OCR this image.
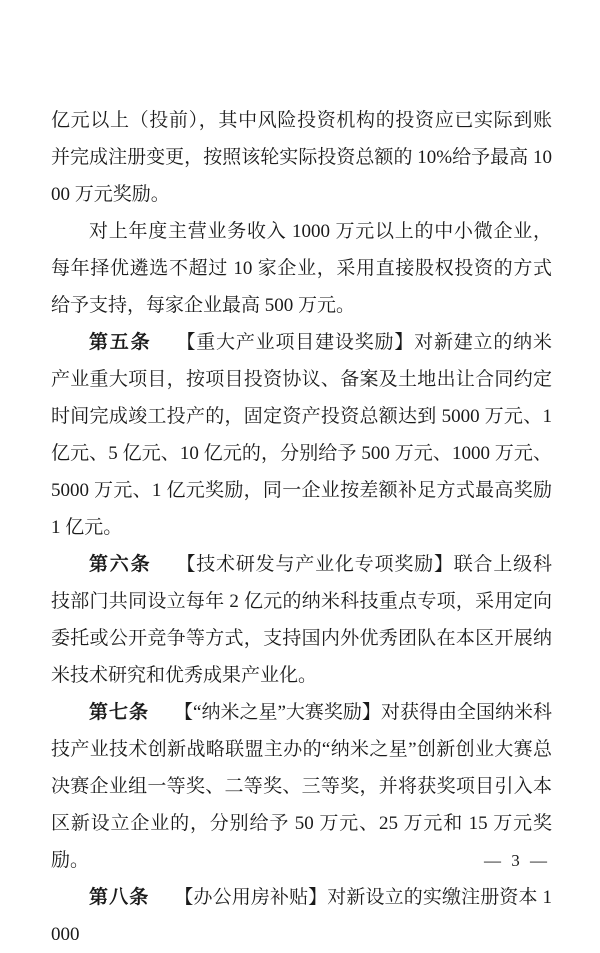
亿元以上（投前），其中风险投资机构的投资应已实际到账并完成注册变更，按照该轮实际投资总额的 10%给予最高 1000 万元奖励。

对上年度主营业务收入 1000 万元以上的中小微企业，每年择优遴选不超过 10 家企业，采用直接股权投资的方式给予支持，每家企业最高 500 万元。

第五条 【重大产业项目建设奖励】对新建立的纳米产业重大项目，按项目投资协议、备案及土地出让合同约定时间完成竣工投产的，固定资产投资总额达到 5000 万元、1 亿元、5 亿元、10 亿元的，分别给予 500 万元、1000 万元、5000 万元、1 亿元奖励，同一企业按差额补足方式最高奖励 1 亿元。

第六条 【技术研发与产业化专项奖励】联合上级科技部门共同设立每年 2 亿元的纳米科技重点专项，采用定向委托或公开竞争等方式，支持国内外优秀团队在本区开展纳米技术研究和优秀成果产业化。

第七条 【“纳米之星”大赛奖励】对获得由全国纳米科技产业技术创新战略联盟主办的“纳米之星”创新创业大赛总决赛企业组一等奖、二等奖、三等奖，并将获奖项目引入本区新设立企业的，分别给予 50 万元、25 万元和 15 万元奖励。

第八条 【办公用房补贴】对新设立的实缴注册资本 1000

— 3 —
